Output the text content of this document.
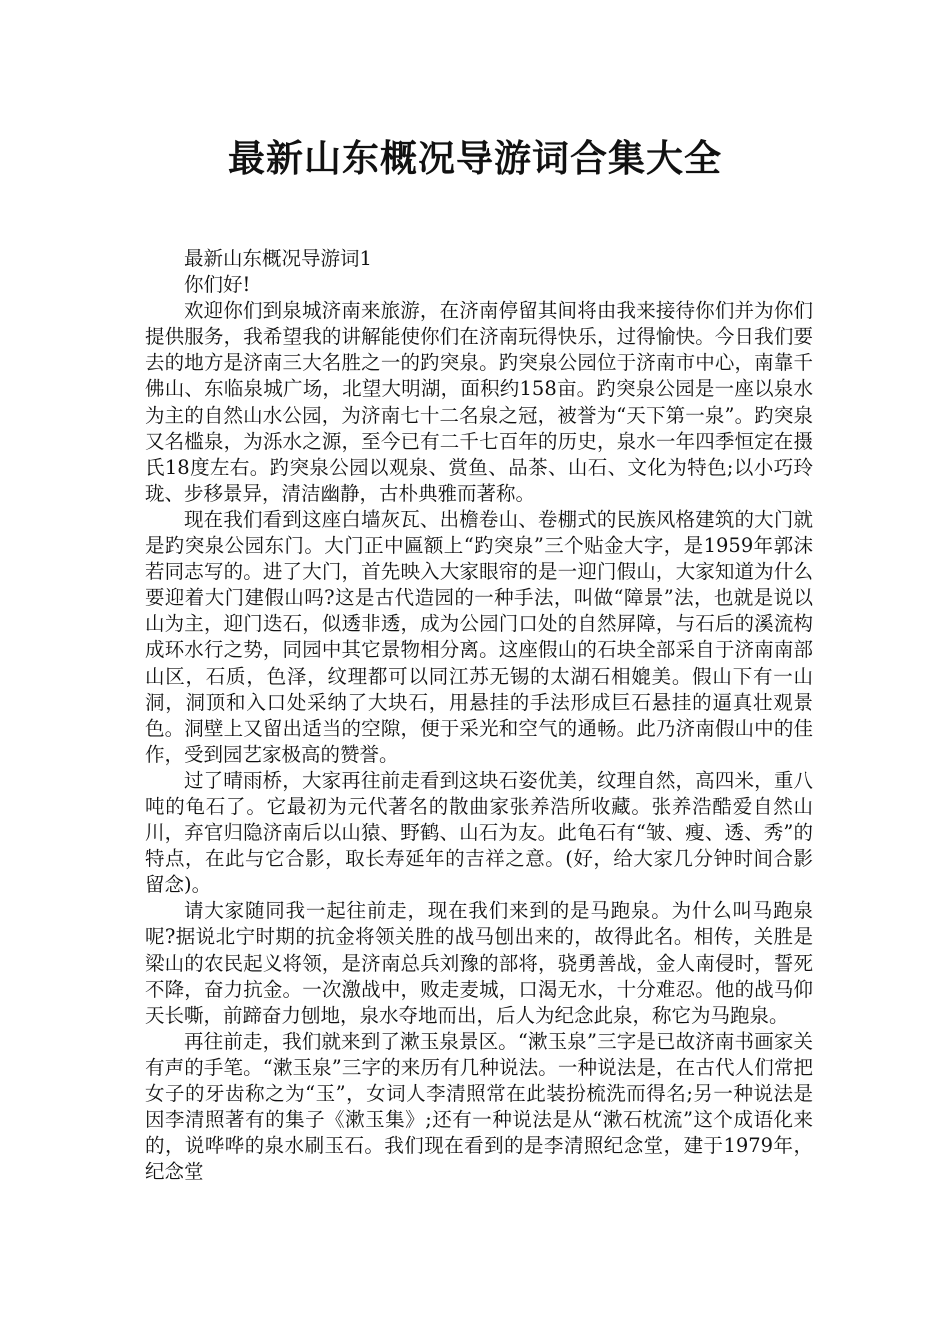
最新山东概况导游词合集大全

最新山东概况导游词1

你们好!

欢迎你们到泉城济南来旅游，在济南停留其间将由我来接待你们并为你们提供服务，我希望我的讲解能使你们在济南玩得快乐，过得愉快。今日我们要去的地方是济南三大名胜之一的趵突泉。趵突泉公园位于济南市中心，南靠千佛山、东临泉城广场，北望大明湖，面积约158亩。趵突泉公园是一座以泉水为主的自然山水公园，为济南七十二名泉之冠，被誉为“天下第一泉”。趵突泉又名槛泉，为泺水之源，至今已有二千七百年的历史，泉水一年四季恒定在摄氏18度左右。趵突泉公园以观泉、赏鱼、品茶、山石、文化为特色;以小巧玲珑、步移景异，清洁幽静，古朴典雅而著称。

现在我们看到这座白墙灰瓦、出檐卷山、卷棚式的民族风格建筑的大门就是趵突泉公园东门。大门正中匾额上“趵突泉”三个贴金大字，是1959年郭沫若同志写的。进了大门，首先映入大家眼帘的是一迎门假山，大家知道为什么要迎着大门建假山吗?这是古代造园的一种手法，叫做“障景”法，也就是说以山为主，迎门迭石，似透非透，成为公园门口处的自然屏障，与石后的溪流构成环水行之势，同园中其它景物相分离。这座假山的石块全部采自于济南南部山区，石质，色泽，纹理都可以同江苏无锡的太湖石相媲美。假山下有一山洞，洞顶和入口处采纳了大块石，用悬挂的手法形成巨石悬挂的逼真壮观景色。洞壁上又留出适当的空隙，便于采光和空气的通畅。此乃济南假山中的佳作，受到园艺家极高的赞誉。

过了晴雨桥，大家再往前走看到这块石姿优美，纹理自然，高四米，重八吨的龟石了。它最初为元代著名的散曲家张养浩所收藏。张养浩酷爱自然山川，弃官归隐济南后以山猿、野鹤、山石为友。此龟石有“皱、瘦、透、秀”的特点，在此与它合影，取长寿延年的吉祥之意。(好，给大家几分钟时间合影留念)。

请大家随同我一起往前走，现在我们来到的是马跑泉。为什么叫马跑泉呢?据说北宁时期的抗金将领关胜的战马刨出来的，故得此名。相传，关胜是梁山的农民起义将领，是济南总兵刘豫的部将，骁勇善战，金人南侵时，誓死不降，奋力抗金。一次激战中，败走麦城，口渴无水，十分难忍。他的战马仰天长嘶，前蹄奋力刨地，泉水夺地而出，后人为纪念此泉，称它为马跑泉。

再往前走，我们就来到了漱玉泉景区。“漱玉泉”三字是已故济南书画家关有声的手笔。“漱玉泉”三字的来历有几种说法。一种说法是，在古代人们常把女子的牙齿称之为“玉”，女词人李清照常在此装扮梳洗而得名;另一种说法是因李清照著有的集子《漱玉集》;还有一种说法是从“漱石枕流”这个成语化来的，说哗哗的泉水刷玉石。我们现在看到的是李清照纪念堂，建于1979年，纪念堂
